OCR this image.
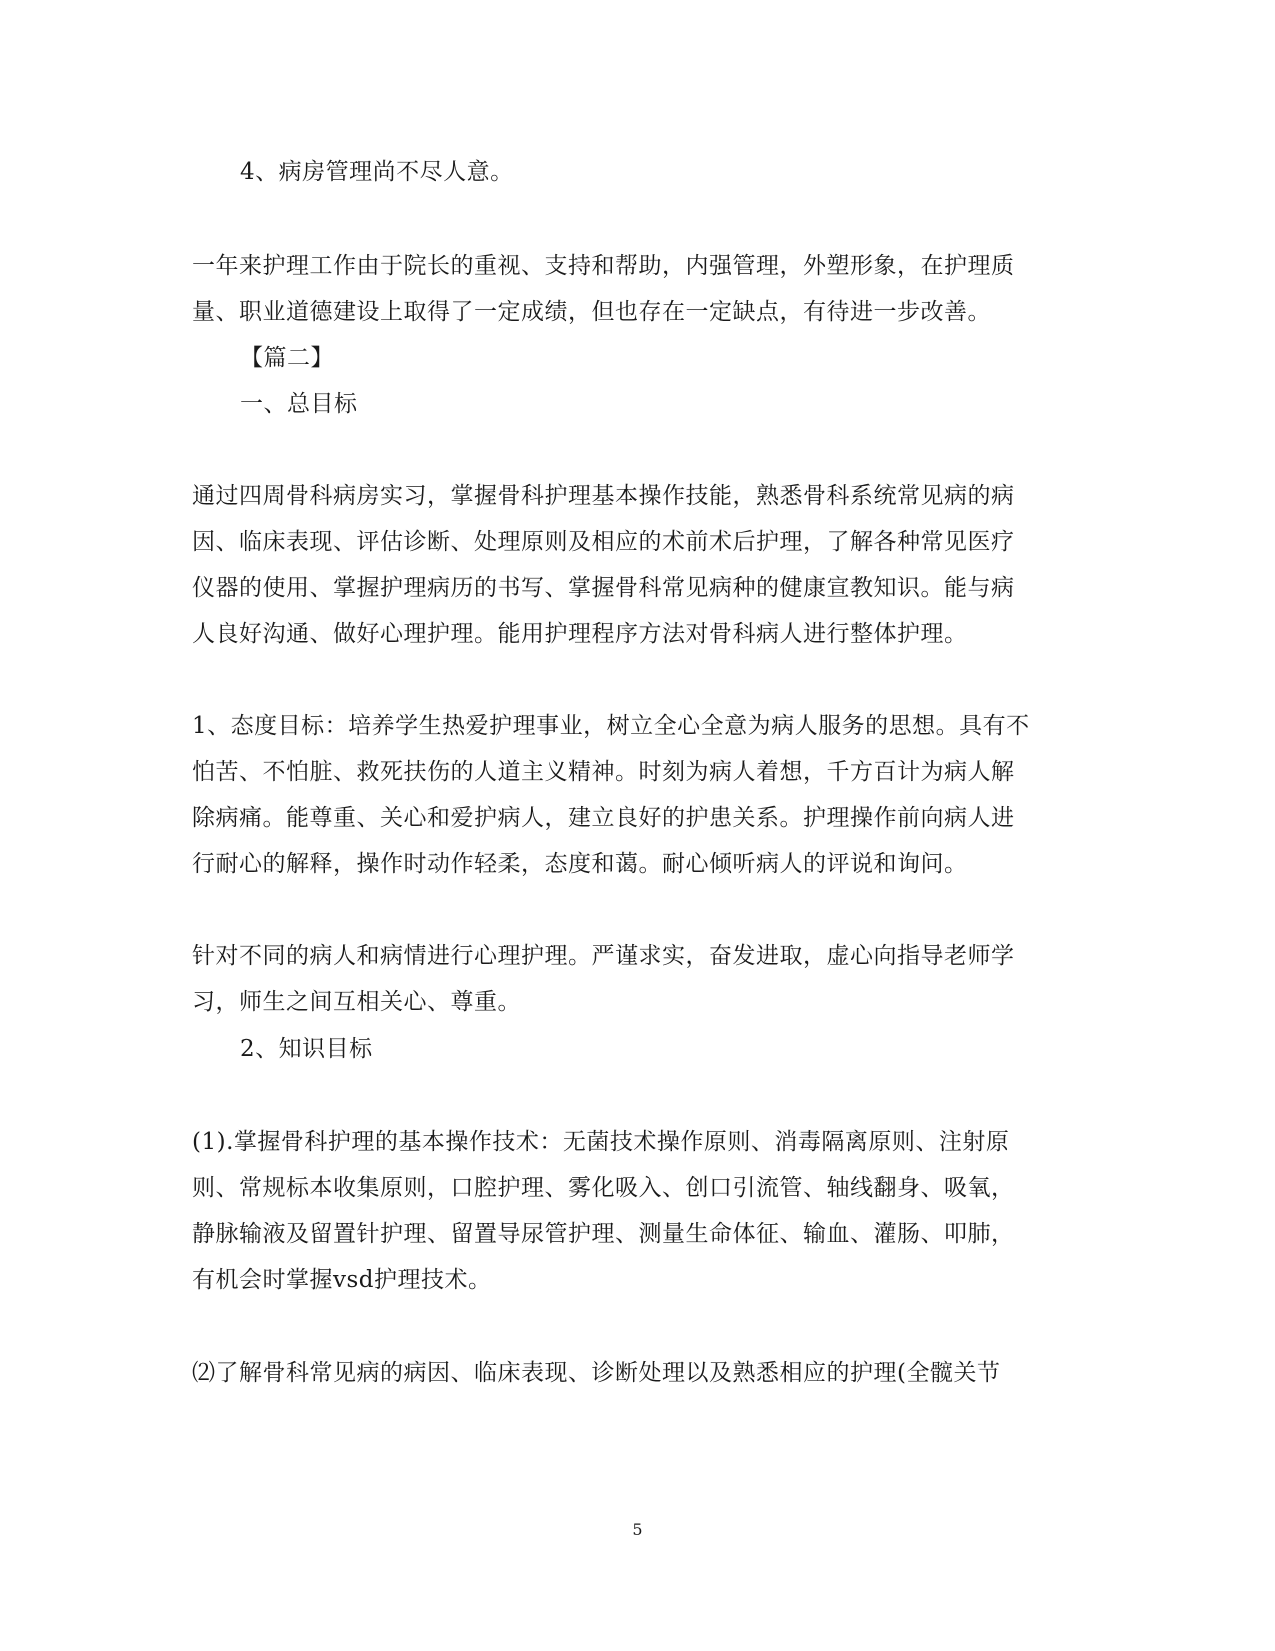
4、病房管理尚不尽人意。
一年来护理工作由于院长的重视、支持和帮助，内强管理，外塑形象，在护理质
量、职业道德建设上取得了一定成绩，但也存在一定缺点，有待进一步改善。
【篇二】
一、总目标
通过四周骨科病房实习，掌握骨科护理基本操作技能，熟悉骨科系统常见病的病
因、临床表现、评估诊断、处理原则及相应的术前术后护理，了解各种常见医疗
仪器的使用、掌握护理病历的书写、掌握骨科常见病种的健康宣教知识。能与病
人良好沟通、做好心理护理。能用护理程序方法对骨科病人进行整体护理。
1、态度目标：培养学生热爱护理事业，树立全心全意为病人服务的思想。具有不
怕苦、不怕脏、救死扶伤的人道主义精神。时刻为病人着想，千方百计为病人解
除病痛。能尊重、关心和爱护病人，建立良好的护患关系。护理操作前向病人进
行耐心的解释，操作时动作轻柔，态度和蔼。耐心倾听病人的评说和询问。
针对不同的病人和病情进行心理护理。严谨求实，奋发进取，虚心向指导老师学
习，师生之间互相关心、尊重。
2、知识目标
(1).掌握骨科护理的基本操作技术：无菌技术操作原则、消毒隔离原则、注射原
则、常规标本收集原则，口腔护理、雾化吸入、创口引流管、轴线翻身、吸氧，
静脉输液及留置针护理、留置导尿管护理、测量生命体征、输血、灌肠、叩肺，
有机会时掌握vsd护理技术。
⑵了解骨科常见病的病因、临床表现、诊断处理以及熟悉相应的护理(全髋关节
5
